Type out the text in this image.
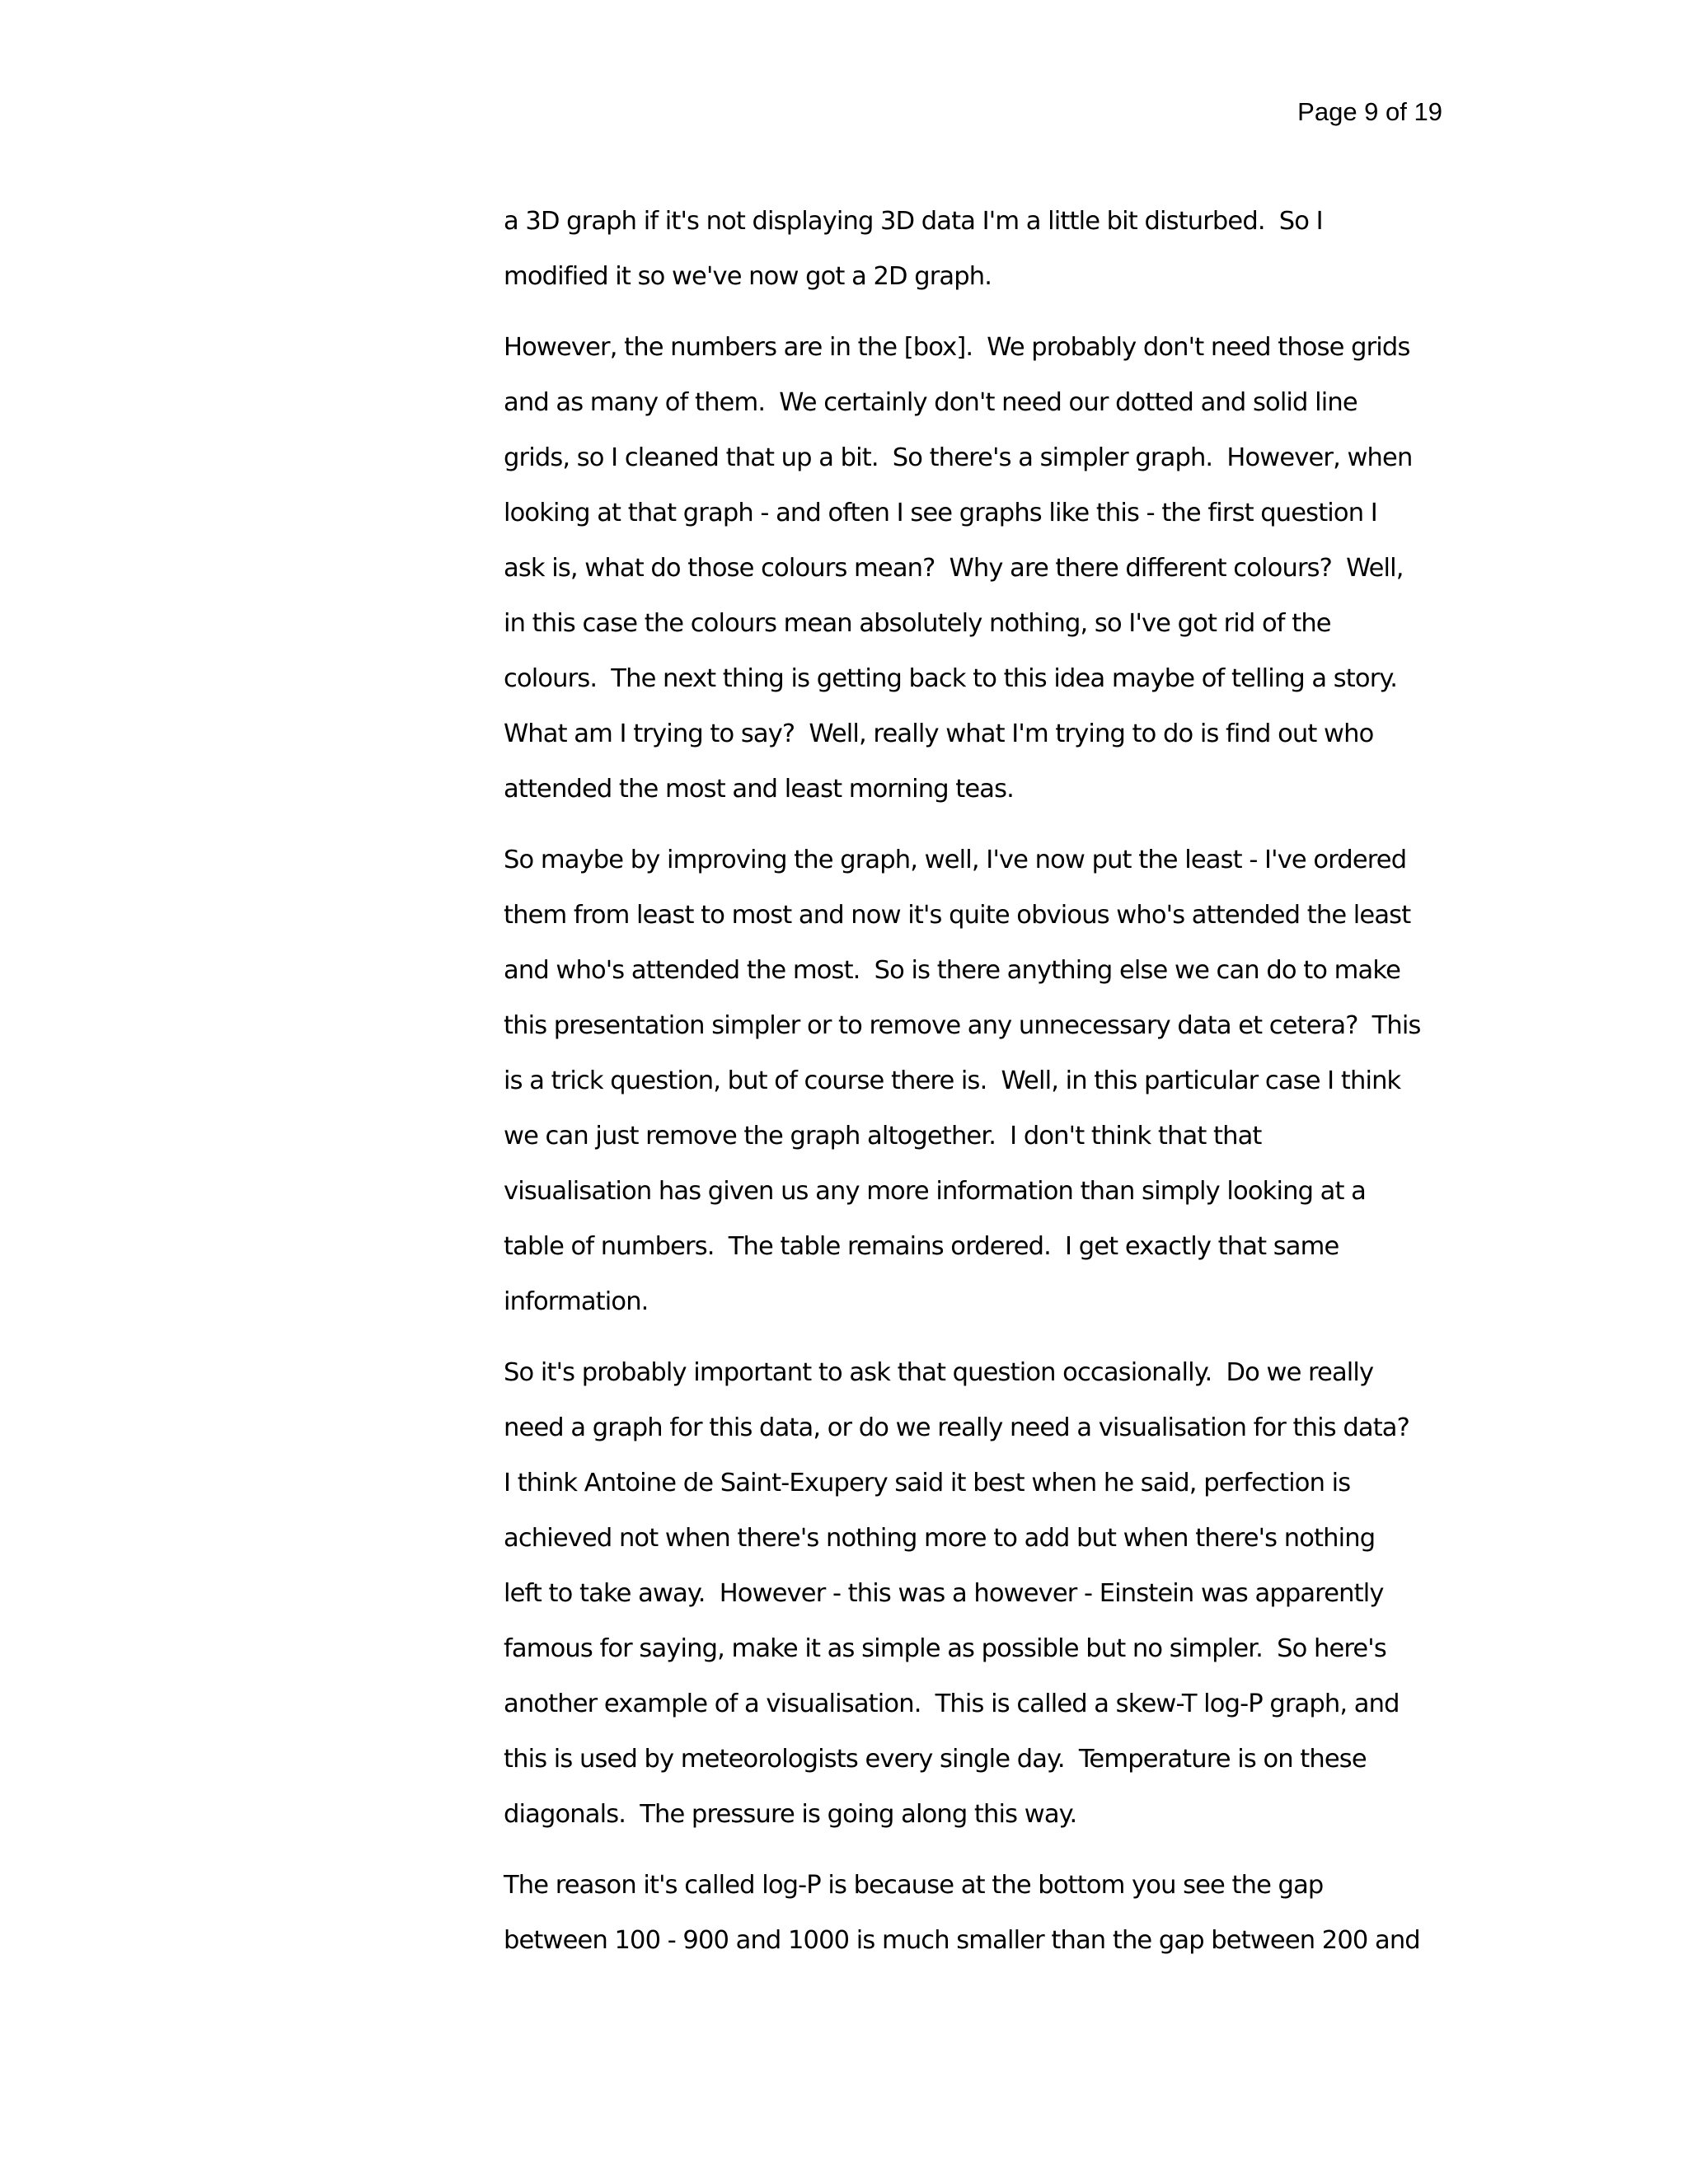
Page 9 of 19
a 3D graph if it's not displaying 3D data I'm a little bit disturbed.  So I
modified it so we've now got a 2D graph.
However, the numbers are in the [box].  We probably don't need those grids
and as many of them.  We certainly don't need our dotted and solid line
grids, so I cleaned that up a bit.  So there's a simpler graph.  However, when
looking at that graph - and often I see graphs like this - the first question I
ask is, what do those colours mean?  Why are there different colours?  Well,
in this case the colours mean absolutely nothing, so I've got rid of the
colours.  The next thing is getting back to this idea maybe of telling a story.
What am I trying to say?  Well, really what I'm trying to do is find out who
attended the most and least morning teas.
So maybe by improving the graph, well, I've now put the least - I've ordered
them from least to most and now it's quite obvious who's attended the least
and who's attended the most.  So is there anything else we can do to make
this presentation simpler or to remove any unnecessary data et cetera?  This
is a trick question, but of course there is.  Well, in this particular case I think
we can just remove the graph altogether.  I don't think that that
visualisation has given us any more information than simply looking at a
table of numbers.  The table remains ordered.  I get exactly that same
information.
So it's probably important to ask that question occasionally.  Do we really
need a graph for this data, or do we really need a visualisation for this data?
I think Antoine de Saint-Exupery said it best when he said, perfection is
achieved not when there's nothing more to add but when there's nothing
left to take away.  However - this was a however - Einstein was apparently
famous for saying, make it as simple as possible but no simpler.  So here's
another example of a visualisation.  This is called a skew-T log-P graph, and
this is used by meteorologists every single day.  Temperature is on these
diagonals.  The pressure is going along this way.
The reason it's called log-P is because at the bottom you see the gap
between 100 - 900 and 1000 is much smaller than the gap between 200 and
